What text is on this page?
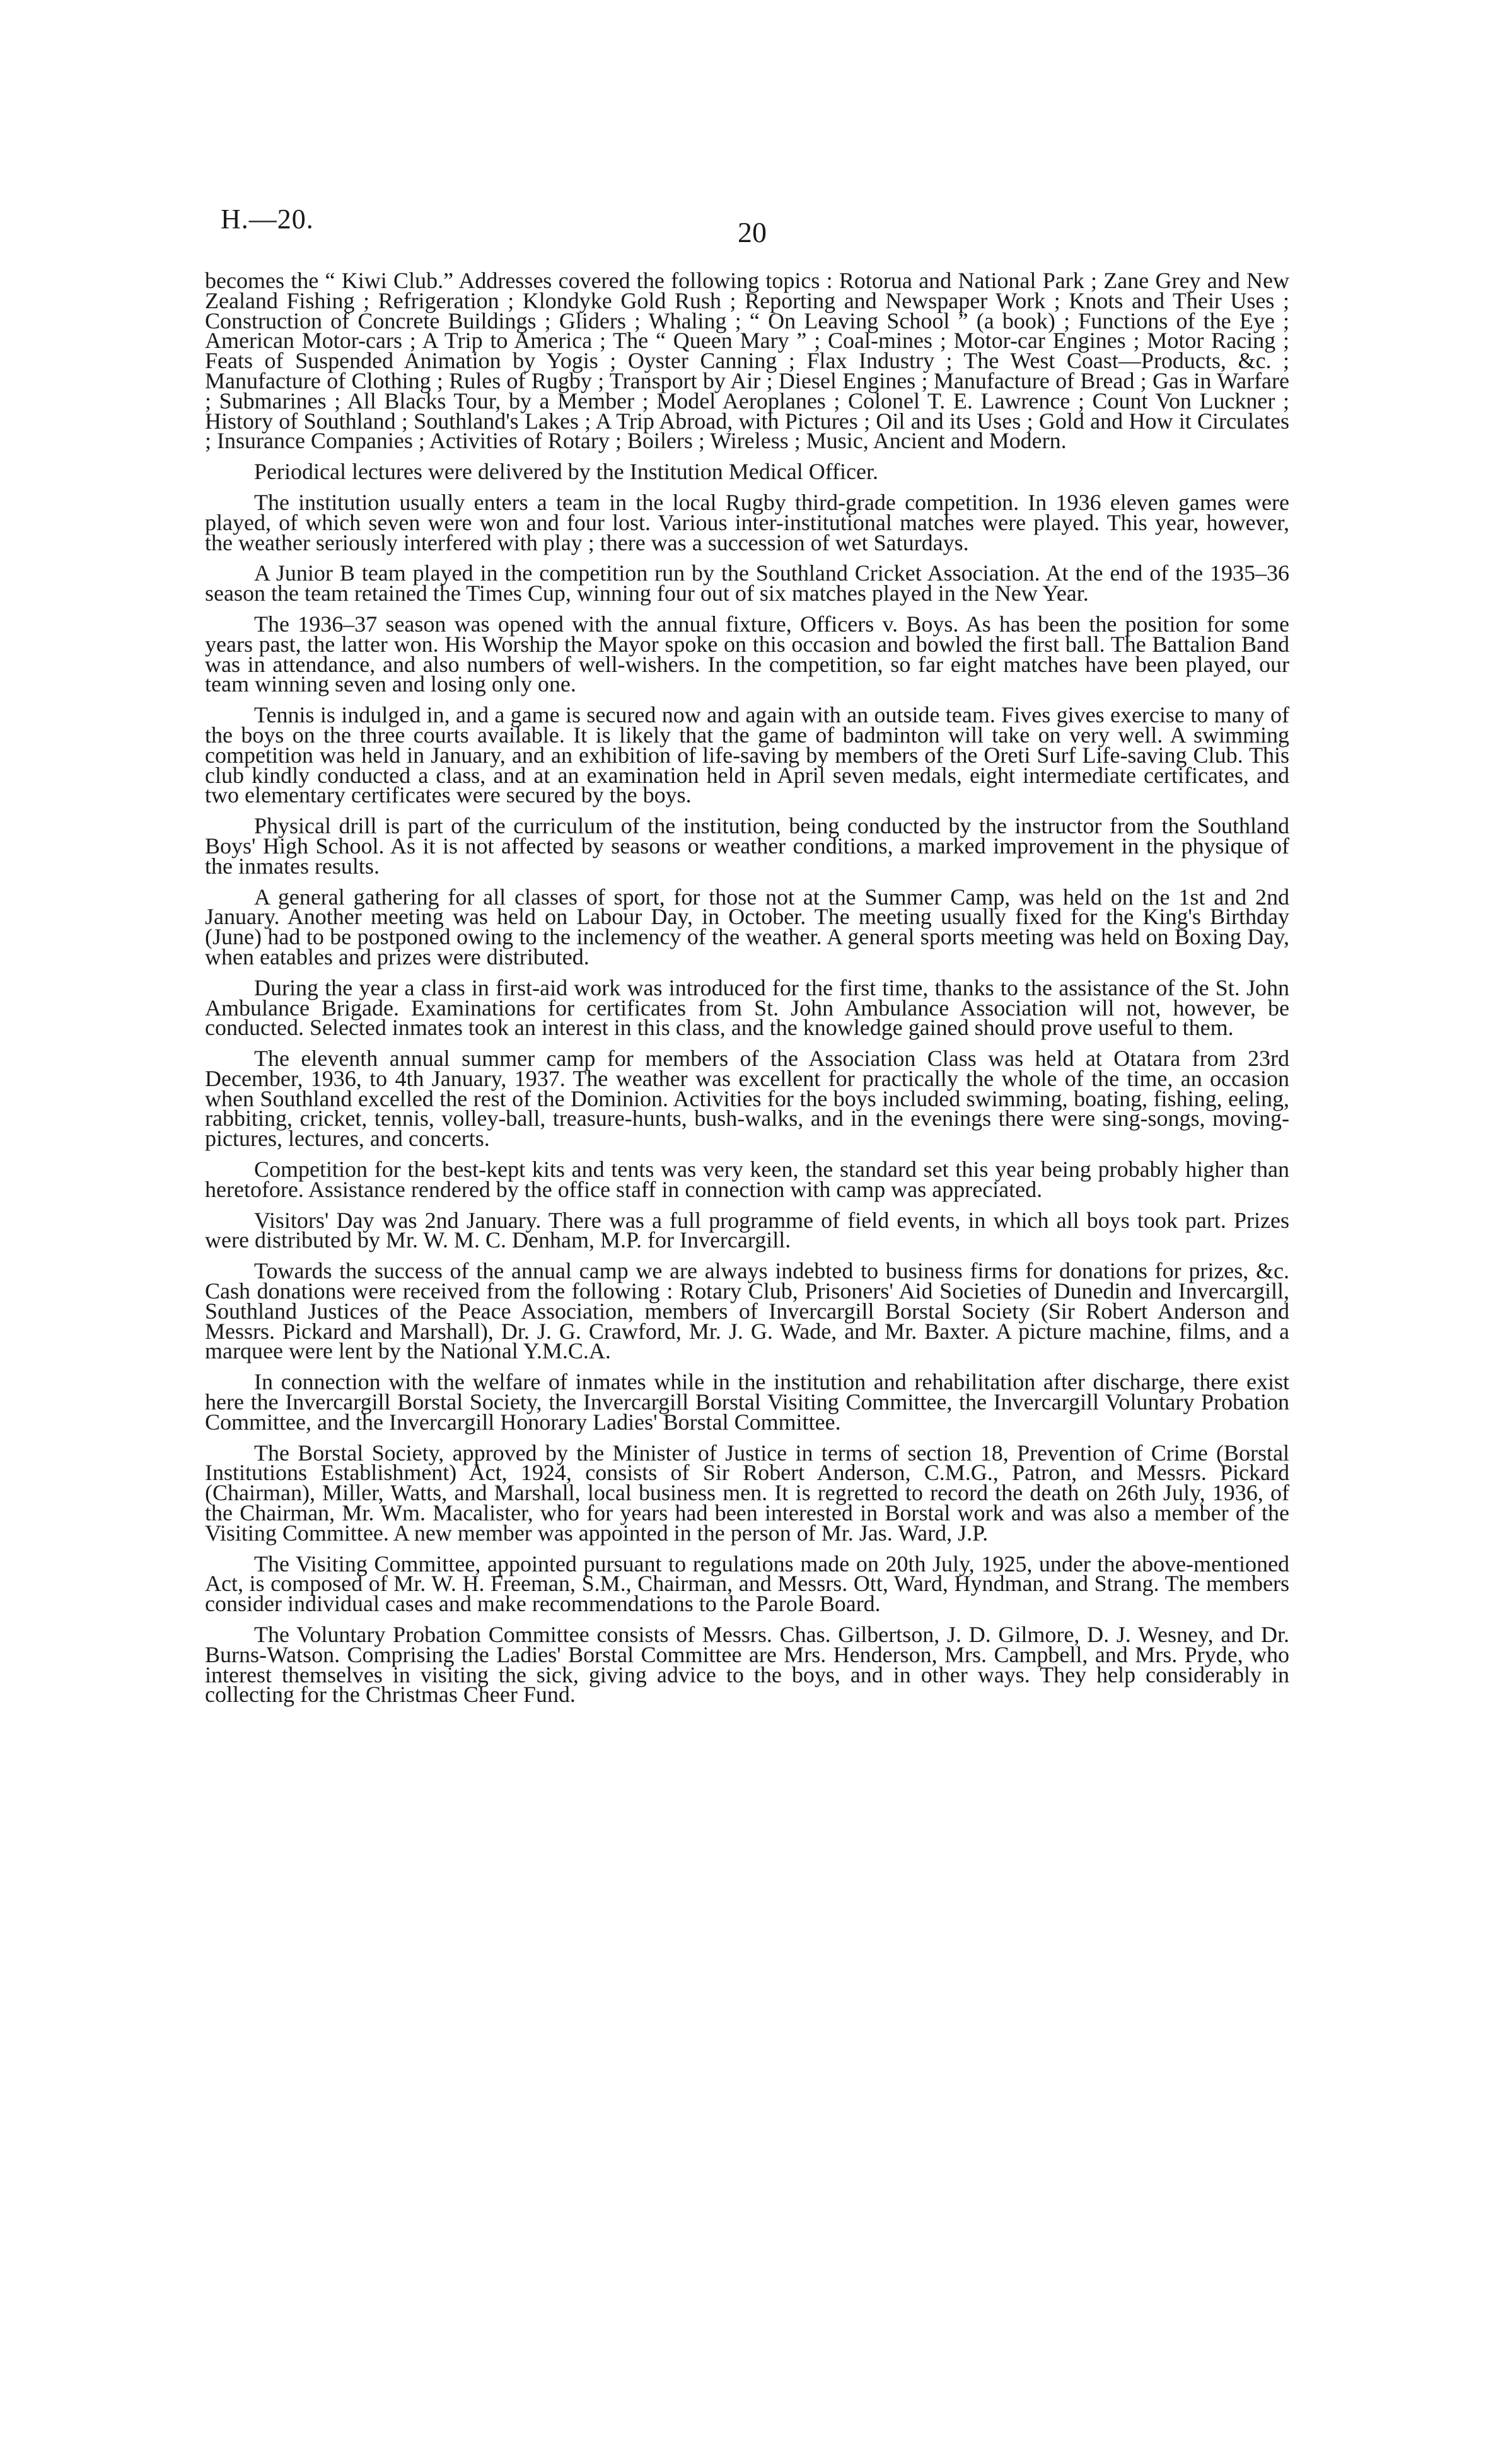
H.—20.	20

becomes the “ Kiwi Club.” Addresses covered the following topics : Rotorua and National Park ; Zane Grey and New Zealand Fishing ; Refrigeration ; Klondyke Gold Rush ; Reporting and Newspaper Work ; Knots and Their Uses ; Construction of Concrete Buildings ; Gliders ; Whaling ; “ On Leaving School ” (a book) ; Functions of the Eye ; American Motor-cars ; A Trip to America ; The “ Queen Mary ” ; Coal-mines ; Motor-car Engines ; Motor Racing ; Feats of Suspended Animation by Yogis ; Oyster Canning ; Flax Industry ; The West Coast—Products, &c. ; Manufacture of Clothing ; Rules of Rugby ; Transport by Air ; Diesel Engines ; Manufacture of Bread ; Gas in Warfare ; Submarines ; All Blacks Tour, by a Member ; Model Aeroplanes ; Colonel T. E. Lawrence ; Count Von Luckner ; History of Southland ; Southland's Lakes ; A Trip Abroad, with Pictures ; Oil and its Uses ; Gold and How it Circulates ; Insurance Companies ; Activities of Rotary ; Boilers ; Wireless ; Music, Ancient and Modern.

Periodical lectures were delivered by the Institution Medical Officer.

The institution usually enters a team in the local Rugby third-grade competition. In 1936 eleven games were played, of which seven were won and four lost. Various inter-institutional matches were played. This year, however, the weather seriously interfered with play ; there was a succession of wet Saturdays.

A Junior B team played in the competition run by the Southland Cricket Association. At the end of the 1935–36 season the team retained the Times Cup, winning four out of six matches played in the New Year.

The 1936–37 season was opened with the annual fixture, Officers v. Boys. As has been the position for some years past, the latter won. His Worship the Mayor spoke on this occasion and bowled the first ball. The Battalion Band was in attendance, and also numbers of well-wishers. In the competition, so far eight matches have been played, our team winning seven and losing only one.

Tennis is indulged in, and a game is secured now and again with an outside team. Fives gives exercise to many of the boys on the three courts available. It is likely that the game of badminton will take on very well. A swimming competition was held in January, and an exhibition of life-saving by members of the Oreti Surf Life-saving Club. This club kindly conducted a class, and at an examination held in April seven medals, eight intermediate certificates, and two elementary certificates were secured by the boys.

Physical drill is part of the curriculum of the institution, being conducted by the instructor from the Southland Boys' High School. As it is not affected by seasons or weather conditions, a marked improvement in the physique of the inmates results.

A general gathering for all classes of sport, for those not at the Summer Camp, was held on the 1st and 2nd January. Another meeting was held on Labour Day, in October. The meeting usually fixed for the King's Birthday (June) had to be postponed owing to the inclemency of the weather. A general sports meeting was held on Boxing Day, when eatables and prizes were distributed.

During the year a class in first-aid work was introduced for the first time, thanks to the assistance of the St. John Ambulance Brigade. Examinations for certificates from St. John Ambulance Association will not, however, be conducted. Selected inmates took an interest in this class, and the knowledge gained should prove useful to them.

The eleventh annual summer camp for members of the Association Class was held at Otatara from 23rd December, 1936, to 4th January, 1937. The weather was excellent for practically the whole of the time, an occasion when Southland excelled the rest of the Dominion. Activities for the boys included swimming, boating, fishing, eeling, rabbiting, cricket, tennis, volley-ball, treasure-hunts, bush-walks, and in the evenings there were sing-songs, moving-pictures, lectures, and concerts.

Competition for the best-kept kits and tents was very keen, the standard set this year being probably higher than heretofore. Assistance rendered by the office staff in connection with camp was appreciated.

Visitors' Day was 2nd January. There was a full programme of field events, in which all boys took part. Prizes were distributed by Mr. W. M. C. Denham, M.P. for Invercargill.

Towards the success of the annual camp we are always indebted to business firms for donations for prizes, &c. Cash donations were received from the following : Rotary Club, Prisoners' Aid Societies of Dunedin and Invercargill, Southland Justices of the Peace Association, members of Invercargill Borstal Society (Sir Robert Anderson and Messrs. Pickard and Marshall), Dr. J. G. Crawford, Mr. J. G. Wade, and Mr. Baxter. A picture machine, films, and a marquee were lent by the National Y.M.C.A.

In connection with the welfare of inmates while in the institution and rehabilitation after discharge, there exist here the Invercargill Borstal Society, the Invercargill Borstal Visiting Committee, the Invercargill Voluntary Probation Committee, and the Invercargill Honorary Ladies' Borstal Committee.

The Borstal Society, approved by the Minister of Justice in terms of section 18, Prevention of Crime (Borstal Institutions Establishment) Act, 1924, consists of Sir Robert Anderson, C.M.G., Patron, and Messrs. Pickard (Chairman), Miller, Watts, and Marshall, local business men. It is regretted to record the death on 26th July, 1936, of the Chairman, Mr. Wm. Macalister, who for years had been interested in Borstal work and was also a member of the Visiting Committee. A new member was appointed in the person of Mr. Jas. Ward, J.P.

The Visiting Committee, appointed pursuant to regulations made on 20th July, 1925, under the above-mentioned Act, is composed of Mr. W. H. Freeman, S.M., Chairman, and Messrs. Ott, Ward, Hyndman, and Strang. The members consider individual cases and make recommendations to the Parole Board.

The Voluntary Probation Committee consists of Messrs. Chas. Gilbertson, J. D. Gilmore, D. J. Wesney, and Dr. Burns-Watson. Comprising the Ladies' Borstal Committee are Mrs. Henderson, Mrs. Campbell, and Mrs. Pryde, who interest themselves in visiting the sick, giving advice to the boys, and in other ways. They help considerably in collecting for the Christmas Cheer Fund.
